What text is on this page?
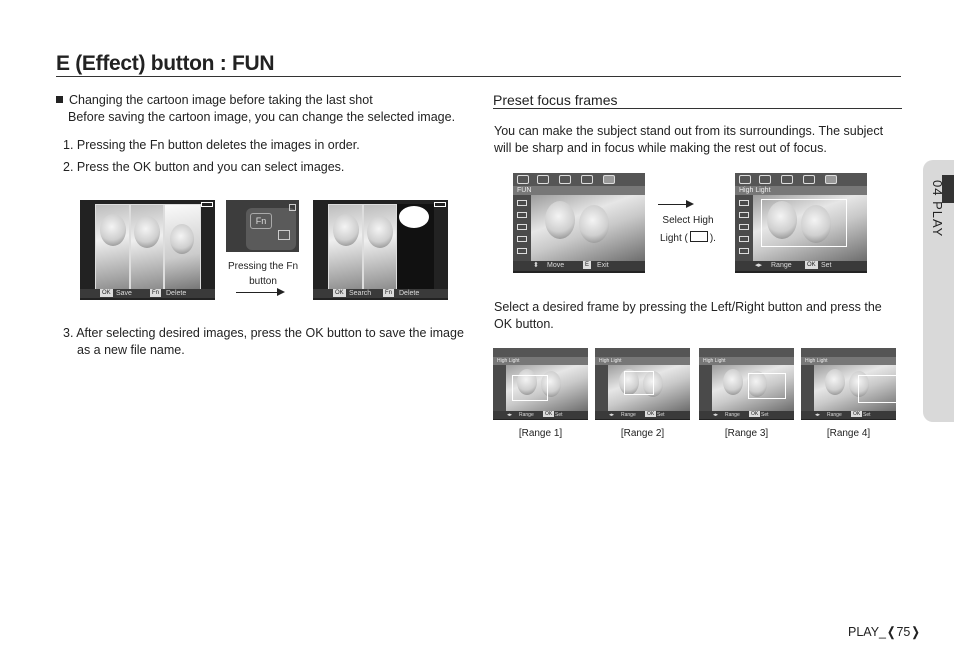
E (Effect) button : FUN
Changing the cartoon image before taking the last shot
Before saving the cartoon image, you can change the selected image.
1. Pressing the Fn button deletes the images in order.
2. Press the OK button and you can select images.
OK Save	Fn Delete
Fn
Pressing the Fn
button
OK Search	Fn Delete
3. After selecting desired images, press the OK button to save the image
as a new file name.
Preset focus frames
You can make the subject stand out from its surroundings. The subject
will be sharp and in focus while making the rest out of focus.
FUN
⬍ Move	E Exit
Select High
Light ( ).
High Light
◂▸ Range	OK Set
Select a desired frame by pressing the Left/Right button and press the
OK button.
High Light
◂▸ Range	OK Set
[Range 1]
High Light
◂▸ Range	OK Set
[Range 2]
High Light
◂▸ Range	OK Set
[Range 3]
High Light
◂▸ Range	OK Set
[Range 4]
04 PLAY
PLAY_❬75❭
